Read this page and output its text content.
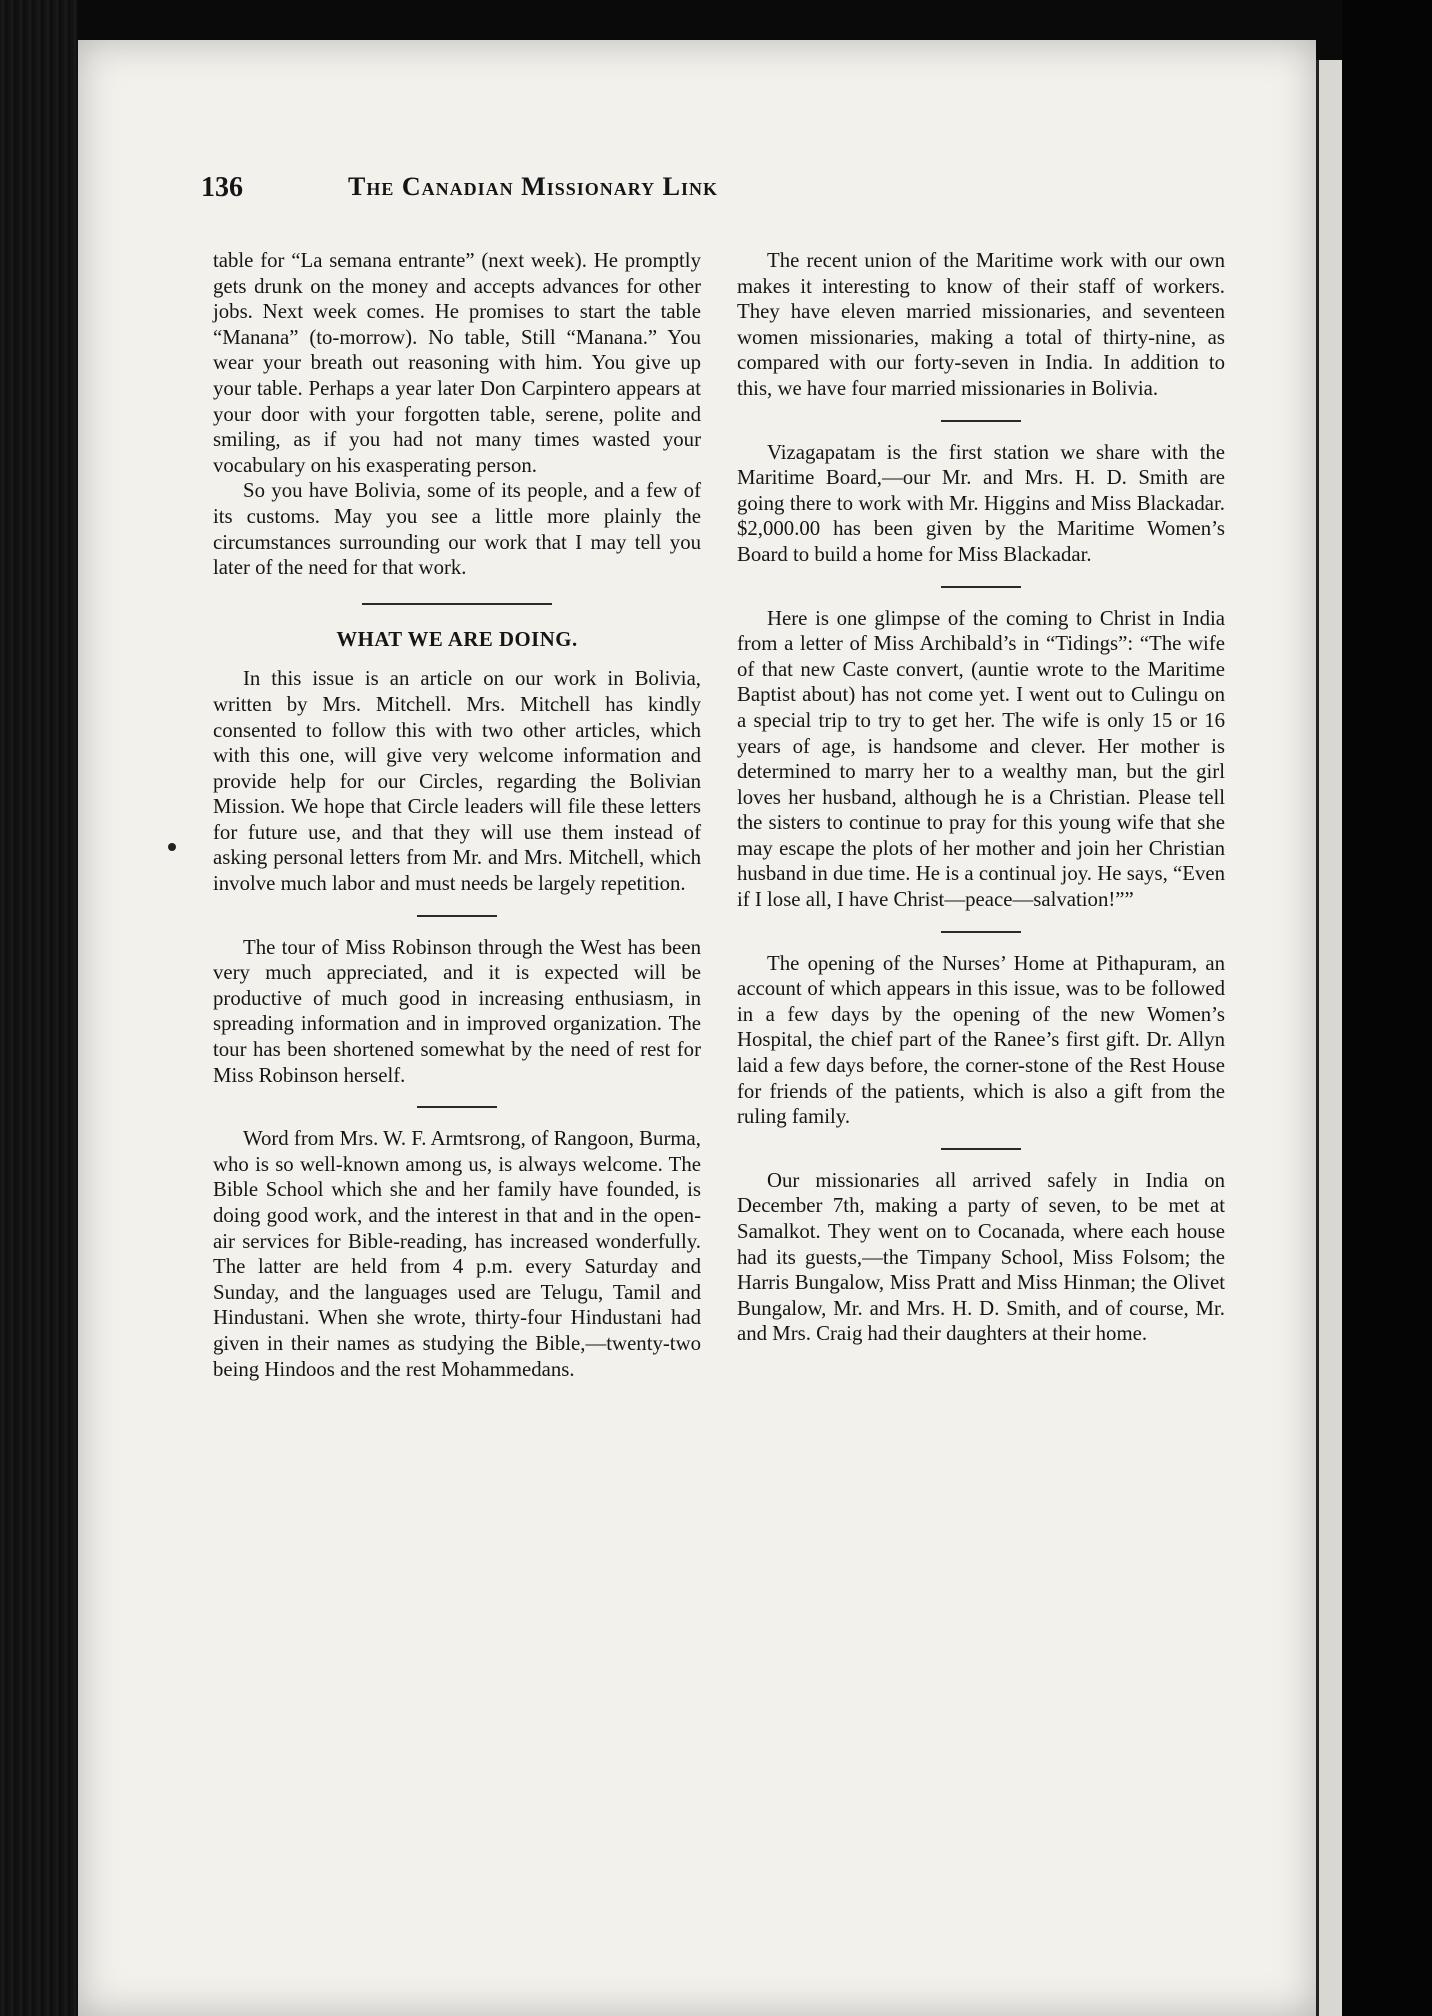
136	The Canadian Missionary Link

table for “La semana entrante” (next week). He promptly gets drunk on the money and accepts advances for other jobs. Next week comes. He promises to start the table “Manana” (to-morrow). No table, Still “Manana.” You wear your breath out reasoning with him. You give up your table. Perhaps a year later Don Carpintero appears at your door with your forgotten table, serene, polite and smiling, as if you had not many times wasted your vocabulary on his exasperating person.

So you have Bolivia, some of its people, and a few of its customs. May you see a little more plainly the circumstances surrounding our work that I may tell you later of the need for that work.

WHAT WE ARE DOING.

In this issue is an article on our work in Bolivia, written by Mrs. Mitchell. Mrs. Mitchell has kindly consented to follow this with two other articles, which with this one, will give very welcome information and provide help for our Circles, regarding the Bolivian Mission. We hope that Circle leaders will file these letters for future use, and that they will use them instead of asking personal letters from Mr. and Mrs. Mitchell, which involve much labor and must needs be largely repetition.

The tour of Miss Robinson through the West has been very much appreciated, and it is expected will be productive of much good in increasing enthusiasm, in spreading information and in improved organization. The tour has been shortened somewhat by the need of rest for Miss Robinson herself.

Word from Mrs. W. F. Armtsrong, of Rangoon, Burma, who is so well-known among us, is always welcome. The Bible School which she and her family have founded, is doing good work, and the interest in that and in the open-air services for Bible-reading, has increased wonderfully. The latter are held from 4 p.m. every Saturday and Sunday, and the languages used are Telugu, Tamil and Hindustani. When she wrote, thirty-four Hindustani had given in their names as studying the Bible,—twenty-two being Hindoos and the rest Mohammedans.

The recent union of the Maritime work with our own makes it interesting to know of their staff of workers. They have eleven married missionaries, and seventeen women missionaries, making a total of thirty-nine, as compared with our forty-seven in India. In addition to this, we have four married missionaries in Bolivia.

Vizagapatam is the first station we share with the Maritime Board,—our Mr. and Mrs. H. D. Smith are going there to work with Mr. Higgins and Miss Blackadar. $2,000.00 has been given by the Maritime Women’s Board to build a home for Miss Blackadar.

Here is one glimpse of the coming to Christ in India from a letter of Miss Archibald’s in “Tidings”: “The wife of that new Caste convert, (auntie wrote to the Maritime Baptist about) has not come yet. I went out to Culingu on a special trip to try to get her. The wife is only 15 or 16 years of age, is handsome and clever. Her mother is determined to marry her to a wealthy man, but the girl loves her husband, although he is a Christian. Please tell the sisters to continue to pray for this young wife that she may escape the plots of her mother and join her Christian husband in due time. He is a continual joy. He says, “Even if I lose all, I have Christ—peace—salvation!””

The opening of the Nurses’ Home at Pithapuram, an account of which appears in this issue, was to be followed in a few days by the opening of the new Women’s Hospital, the chief part of the Ranee’s first gift. Dr. Allyn laid a few days before, the corner-stone of the Rest House for friends of the patients, which is also a gift from the ruling family.

Our missionaries all arrived safely in India on December 7th, making a party of seven, to be met at Samalkot. They went on to Cocanada, where each house had its guests,—the Timpany School, Miss Folsom; the Harris Bungalow, Miss Pratt and Miss Hinman; the Olivet Bungalow, Mr. and Mrs. H. D. Smith, and of course, Mr. and Mrs. Craig had their daughters at their home.
